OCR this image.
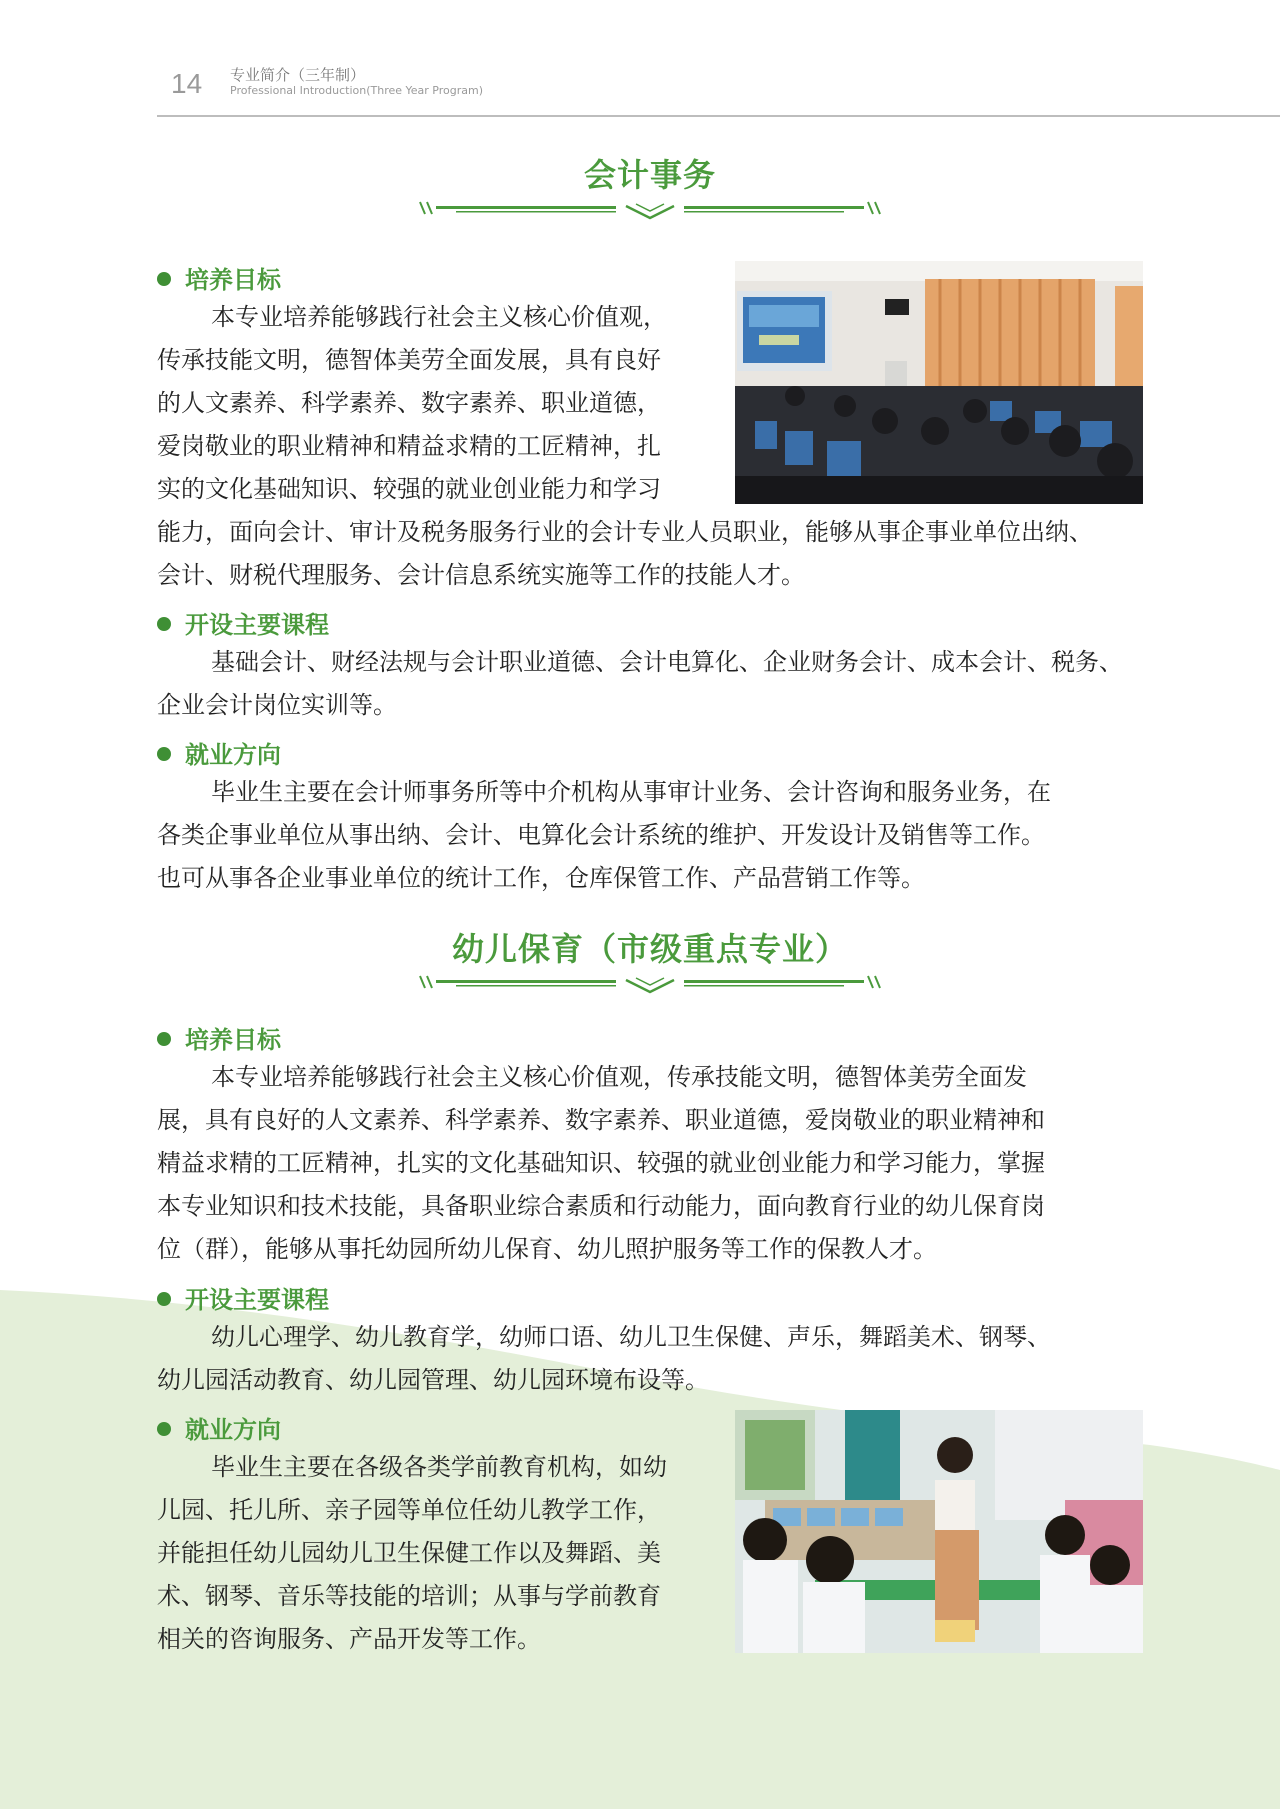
14 专业简介（三年制）
Professional Introduction(Three Year Program)
会计事务
培养目标
本专业培养能够践行社会主义核心价值观，
传承技能文明，德智体美劳全面发展，具有良好
的人文素养、科学素养、数字素养、职业道德，
爱岗敬业的职业精神和精益求精的工匠精神，扎
实的文化基础知识、较强的就业创业能力和学习
能力，面向会计、审计及税务服务行业的会计专业人员职业，能够从事企事业单位出纳、
会计、财税代理服务、会计信息系统实施等工作的技能人才。
开设主要课程
基础会计、财经法规与会计职业道德、会计电算化、企业财务会计、成本会计、税务、
企业会计岗位实训等。
就业方向
毕业生主要在会计师事务所等中介机构从事审计业务、会计咨询和服务业务，在
各类企事业单位从事出纳、会计、电算化会计系统的维护、开发设计及销售等工作。
也可从事各企业事业单位的统计工作，仓库保管工作、产品营销工作等。
幼儿保育（市级重点专业）
培养目标
本专业培养能够践行社会主义核心价值观，传承技能文明，德智体美劳全面发
展，具有良好的人文素养、科学素养、数字素养、职业道德，爱岗敬业的职业精神和
精益求精的工匠精神，扎实的文化基础知识、较强的就业创业能力和学习能力，掌握
本专业知识和技术技能，具备职业综合素质和行动能力，面向教育行业的幼儿保育岗
位（群），能够从事托幼园所幼儿保育、幼儿照护服务等工作的保教人才。
开设主要课程
幼儿心理学、幼儿教育学，幼师口语、幼儿卫生保健、声乐，舞蹈美术、钢琴、
幼儿园活动教育、幼儿园管理、幼儿园环境布设等。
就业方向
毕业生主要在各级各类学前教育机构，如幼
儿园、托儿所、亲子园等单位任幼儿教学工作，
并能担任幼儿园幼儿卫生保健工作以及舞蹈、美
术、钢琴、音乐等技能的培训；从事与学前教育
相关的咨询服务、产品开发等工作。
